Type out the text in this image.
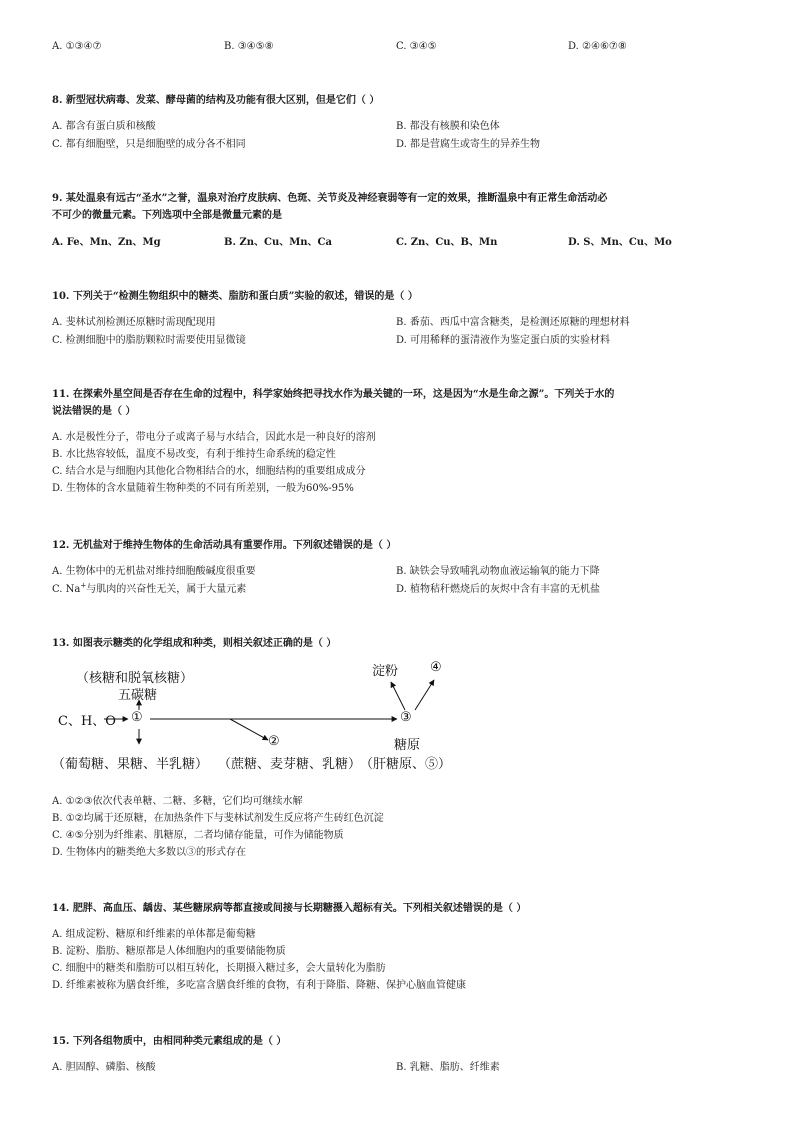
A. ①③④⑦	B. ③④⑤⑧	C. ③④⑤	D. ②④⑥⑦⑧
8. 新型冠状病毒、发菜、酵母菌的结构及功能有很大区别，但是它们（ ）
A. 都含有蛋白质和核酸	B. 都没有核膜和染色体
C. 都有细胞壁，只是细胞壁的成分各不相同	D. 都是营腐生或寄生的异养生物
9. 某处温泉有远古“圣水”之誉，温泉对治疗皮肤病、色斑、关节炎及神经衰弱等有一定的效果，推断温泉中有正常生命活动必
不可少的微量元素。下列选项中全部是微量元素的是
A. Fe、Mn、Zn、Mg	B. Zn、Cu、Mn、Ca	C. Zn、Cu、B、Mn	D. S、Mn、Cu、Mo
10. 下列关于“检测生物组织中的糖类、脂肪和蛋白质”实验的叙述，错误的是（ ）
A. 斐林试剂检测还原糖时需现配现用	B. 番茄、西瓜中富含糖类，是检测还原糖的理想材料
C. 检测细胞中的脂肪颗粒时需要使用显微镜	D. 可用稀释的蛋清液作为鉴定蛋白质的实验材料
11. 在探索外星空间是否存在生命的过程中，科学家始终把寻找水作为最关键的一环，这是因为“水是生命之源”。下列关于水的
说法错误的是（ ）
A. 水是极性分子，带电分子或离子易与水结合，因此水是一种良好的溶剂
B. 水比热容较低，温度不易改变，有利于维持生命系统的稳定性
C. 结合水是与细胞内其他化合物相结合的水，细胞结构的重要组成成分
D. 生物体的含水量随着生物种类的不同有所差别，一般为60%-95%
12. 无机盐对于维持生物体的生命活动具有重要作用。下列叙述错误的是（ ）
A. 生物体中的无机盐对维持细胞酸碱度很重要	B. 缺铁会导致哺乳动物血液运输氧的能力下降
C. Na+与肌肉的兴奋性无关，属于大量元素	D. 植物秸秆燃烧后的灰烬中含有丰富的无机盐
13. 如图表示糖类的化学组成和种类，则相关叙述正确的是（ ）
（核糖和脱氧核糖）
五碳糖
C、H、O ①
②
③
淀粉 ④
糖原
（葡萄糖、果糖、半乳糖） （蔗糖、麦芽糖、乳糖）
（肝糖原、⑤）
A. ①②③依次代表单糖、二糖、多糖，它们均可继续水解
B. ①②均属于还原糖，在加热条件下与斐林试剂发生反应将产生砖红色沉淀
C. ④⑤分别为纤维素、肌糖原，二者均储存能量，可作为储能物质
D. 生物体内的糖类绝大多数以③的形式存在
14. 肥胖、高血压、龋齿、某些糖尿病等都直接或间接与长期糖摄入超标有关。下列相关叙述错误的是（ ）
A. 组成淀粉、糖原和纤维素的单体都是葡萄糖
B. 淀粉、脂肪、糖原都是人体细胞内的重要储能物质
C. 细胞中的糖类和脂肪可以相互转化，长期摄入糖过多，会大量转化为脂肪
D. 纤维素被称为膳食纤维，多吃富含膳食纤维的食物，有利于降脂、降糖、保护心脑血管健康
15. 下列各组物质中，由相同种类元素组成的是（ ）
A. 胆固醇、磷脂、核酸	B. 乳糖、脂肪、纤维素
